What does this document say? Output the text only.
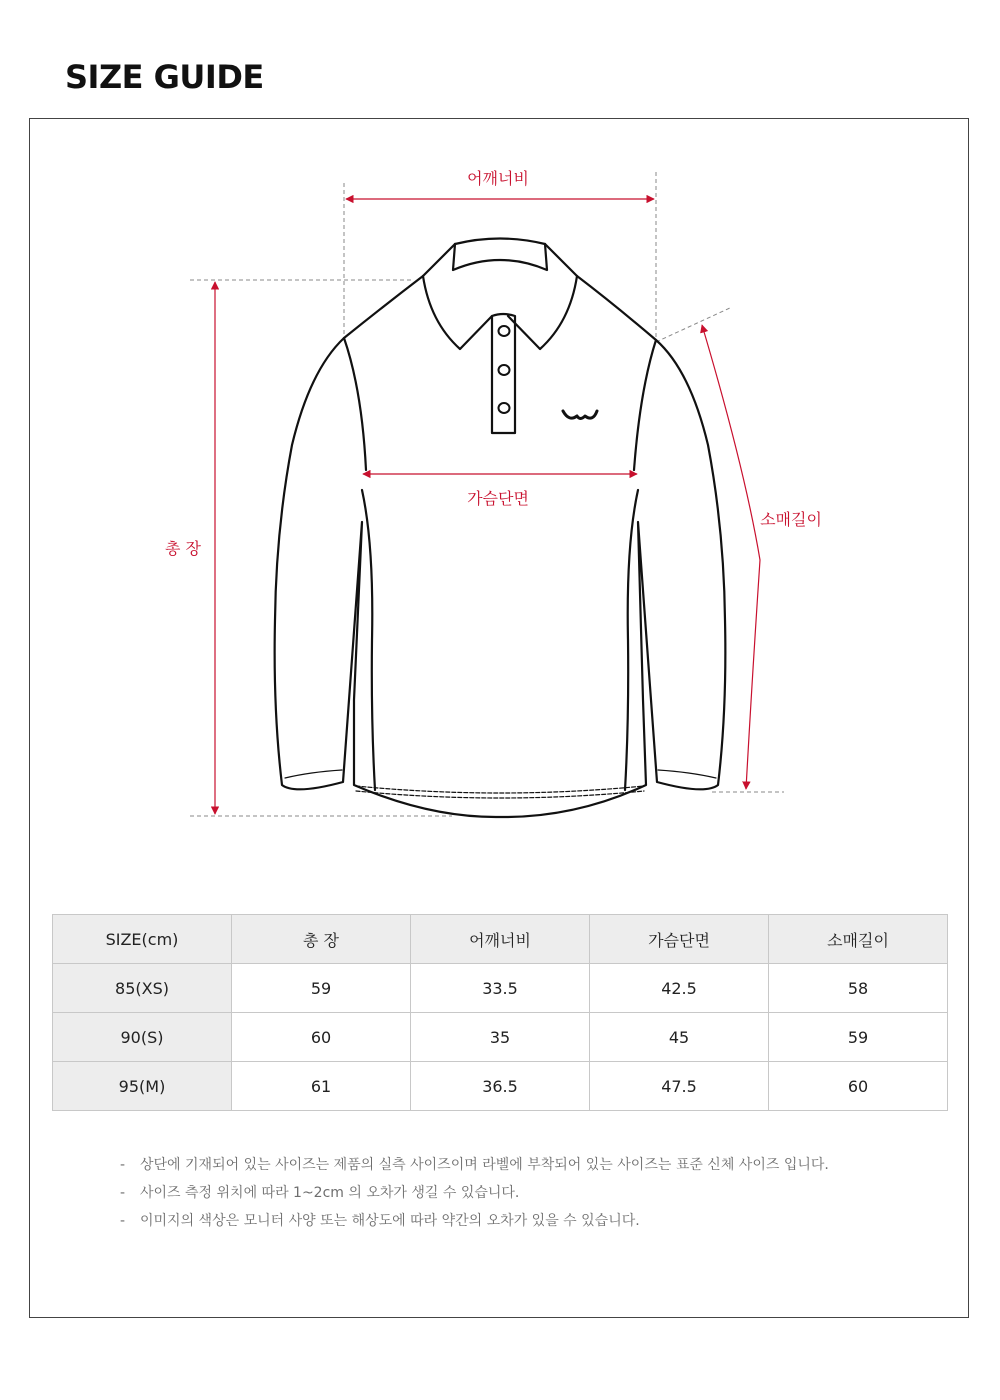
SIZE GUIDE
어깨너비
가슴단면
소매길이
총 장
SIZE(cm)	총 장	어깨너비	가슴단면	소매길이
85(XS)	59	33.5	42.5	58
90(S)	60	35	45	59
95(M)	61	36.5	47.5	60
- 상단에 기재되어 있는 사이즈는 제품의 실측 사이즈이며 라벨에 부착되어 있는 사이즈는 표준 신체 사이즈 입니다.
- 사이즈 측정 위치에 따라 1~2cm 의 오차가 생길 수 있습니다.
- 이미지의 색상은 모니터 사양 또는 해상도에 따라 약간의 오차가 있을 수 있습니다.
